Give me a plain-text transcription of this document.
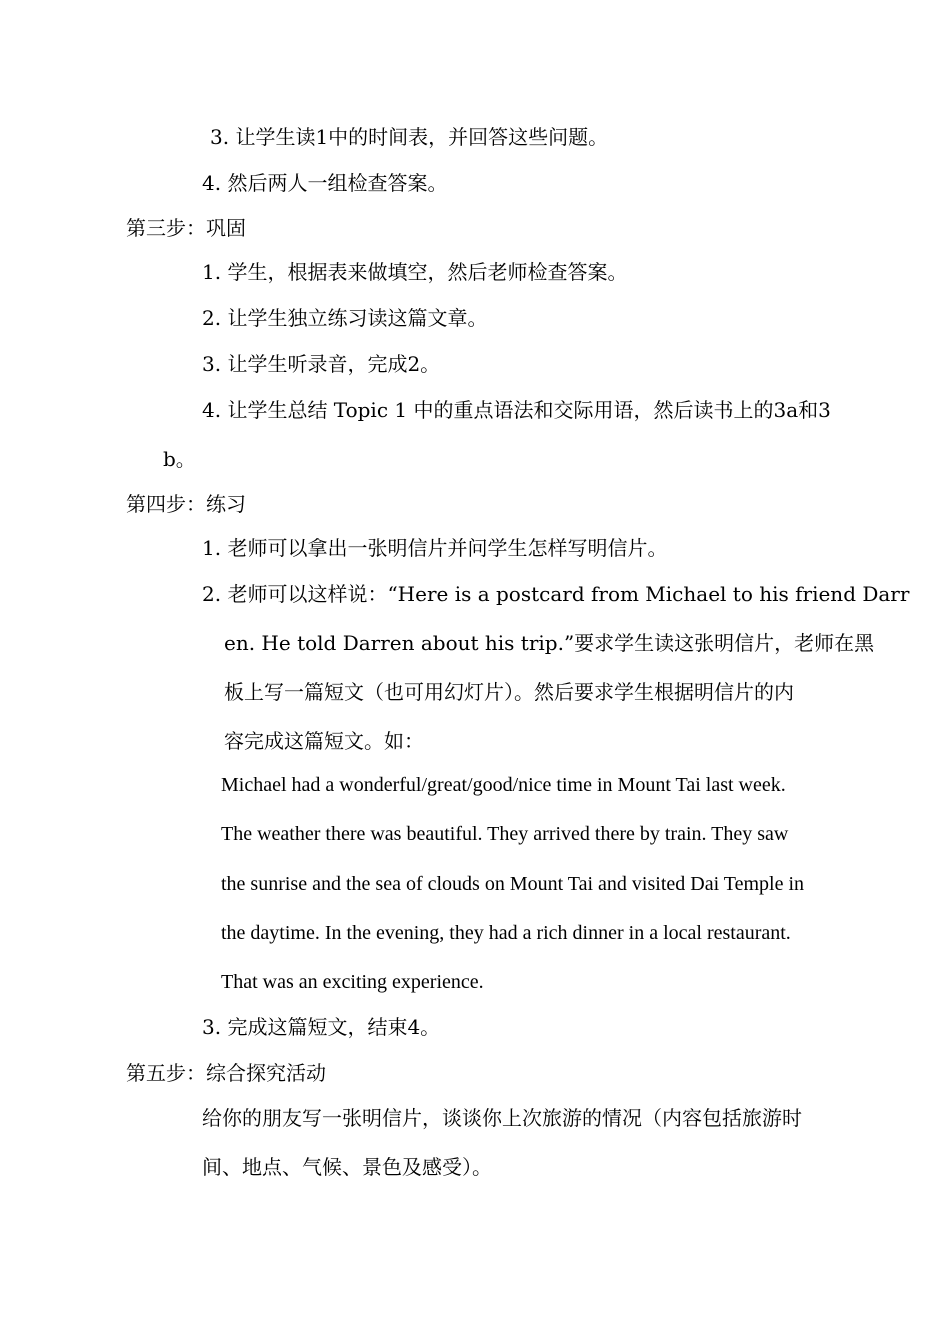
3. 让学生读1中的时间表，并回答这些问题。
4. 然后两人一组检查答案。
第三步：巩固
1. 学生，根据表来做填空，然后老师检查答案。
2. 让学生独立练习读这篇文章。
3. 让学生听录音，完成2。
4. 让学生总结 Topic 1 中的重点语法和交际用语，然后读书上的3a和3
b。
第四步：练习
1. 老师可以拿出一张明信片并问学生怎样写明信片。
2. 老师可以这样说：“Here is a postcard from Michael to his friend Darr
en. He told Darren about his trip.”要求学生读这张明信片，老师在黑
板上写一篇短文（也可用幻灯片）。然后要求学生根据明信片的内
容完成这篇短文。如：
Michael had a wonderful/great/good/nice time in Mount Tai last week.
The weather there was beautiful. They arrived there by train. They saw
the sunrise and the sea of clouds on Mount Tai and visited Dai Temple in
the daytime. In the evening, they had a rich dinner in a local restaurant.
That was an exciting experience.
3. 完成这篇短文，结束4。
第五步：综合探究活动
给你的朋友写一张明信片，谈谈你上次旅游的情况（内容包括旅游时
间、地点、气候、景色及感受）。
